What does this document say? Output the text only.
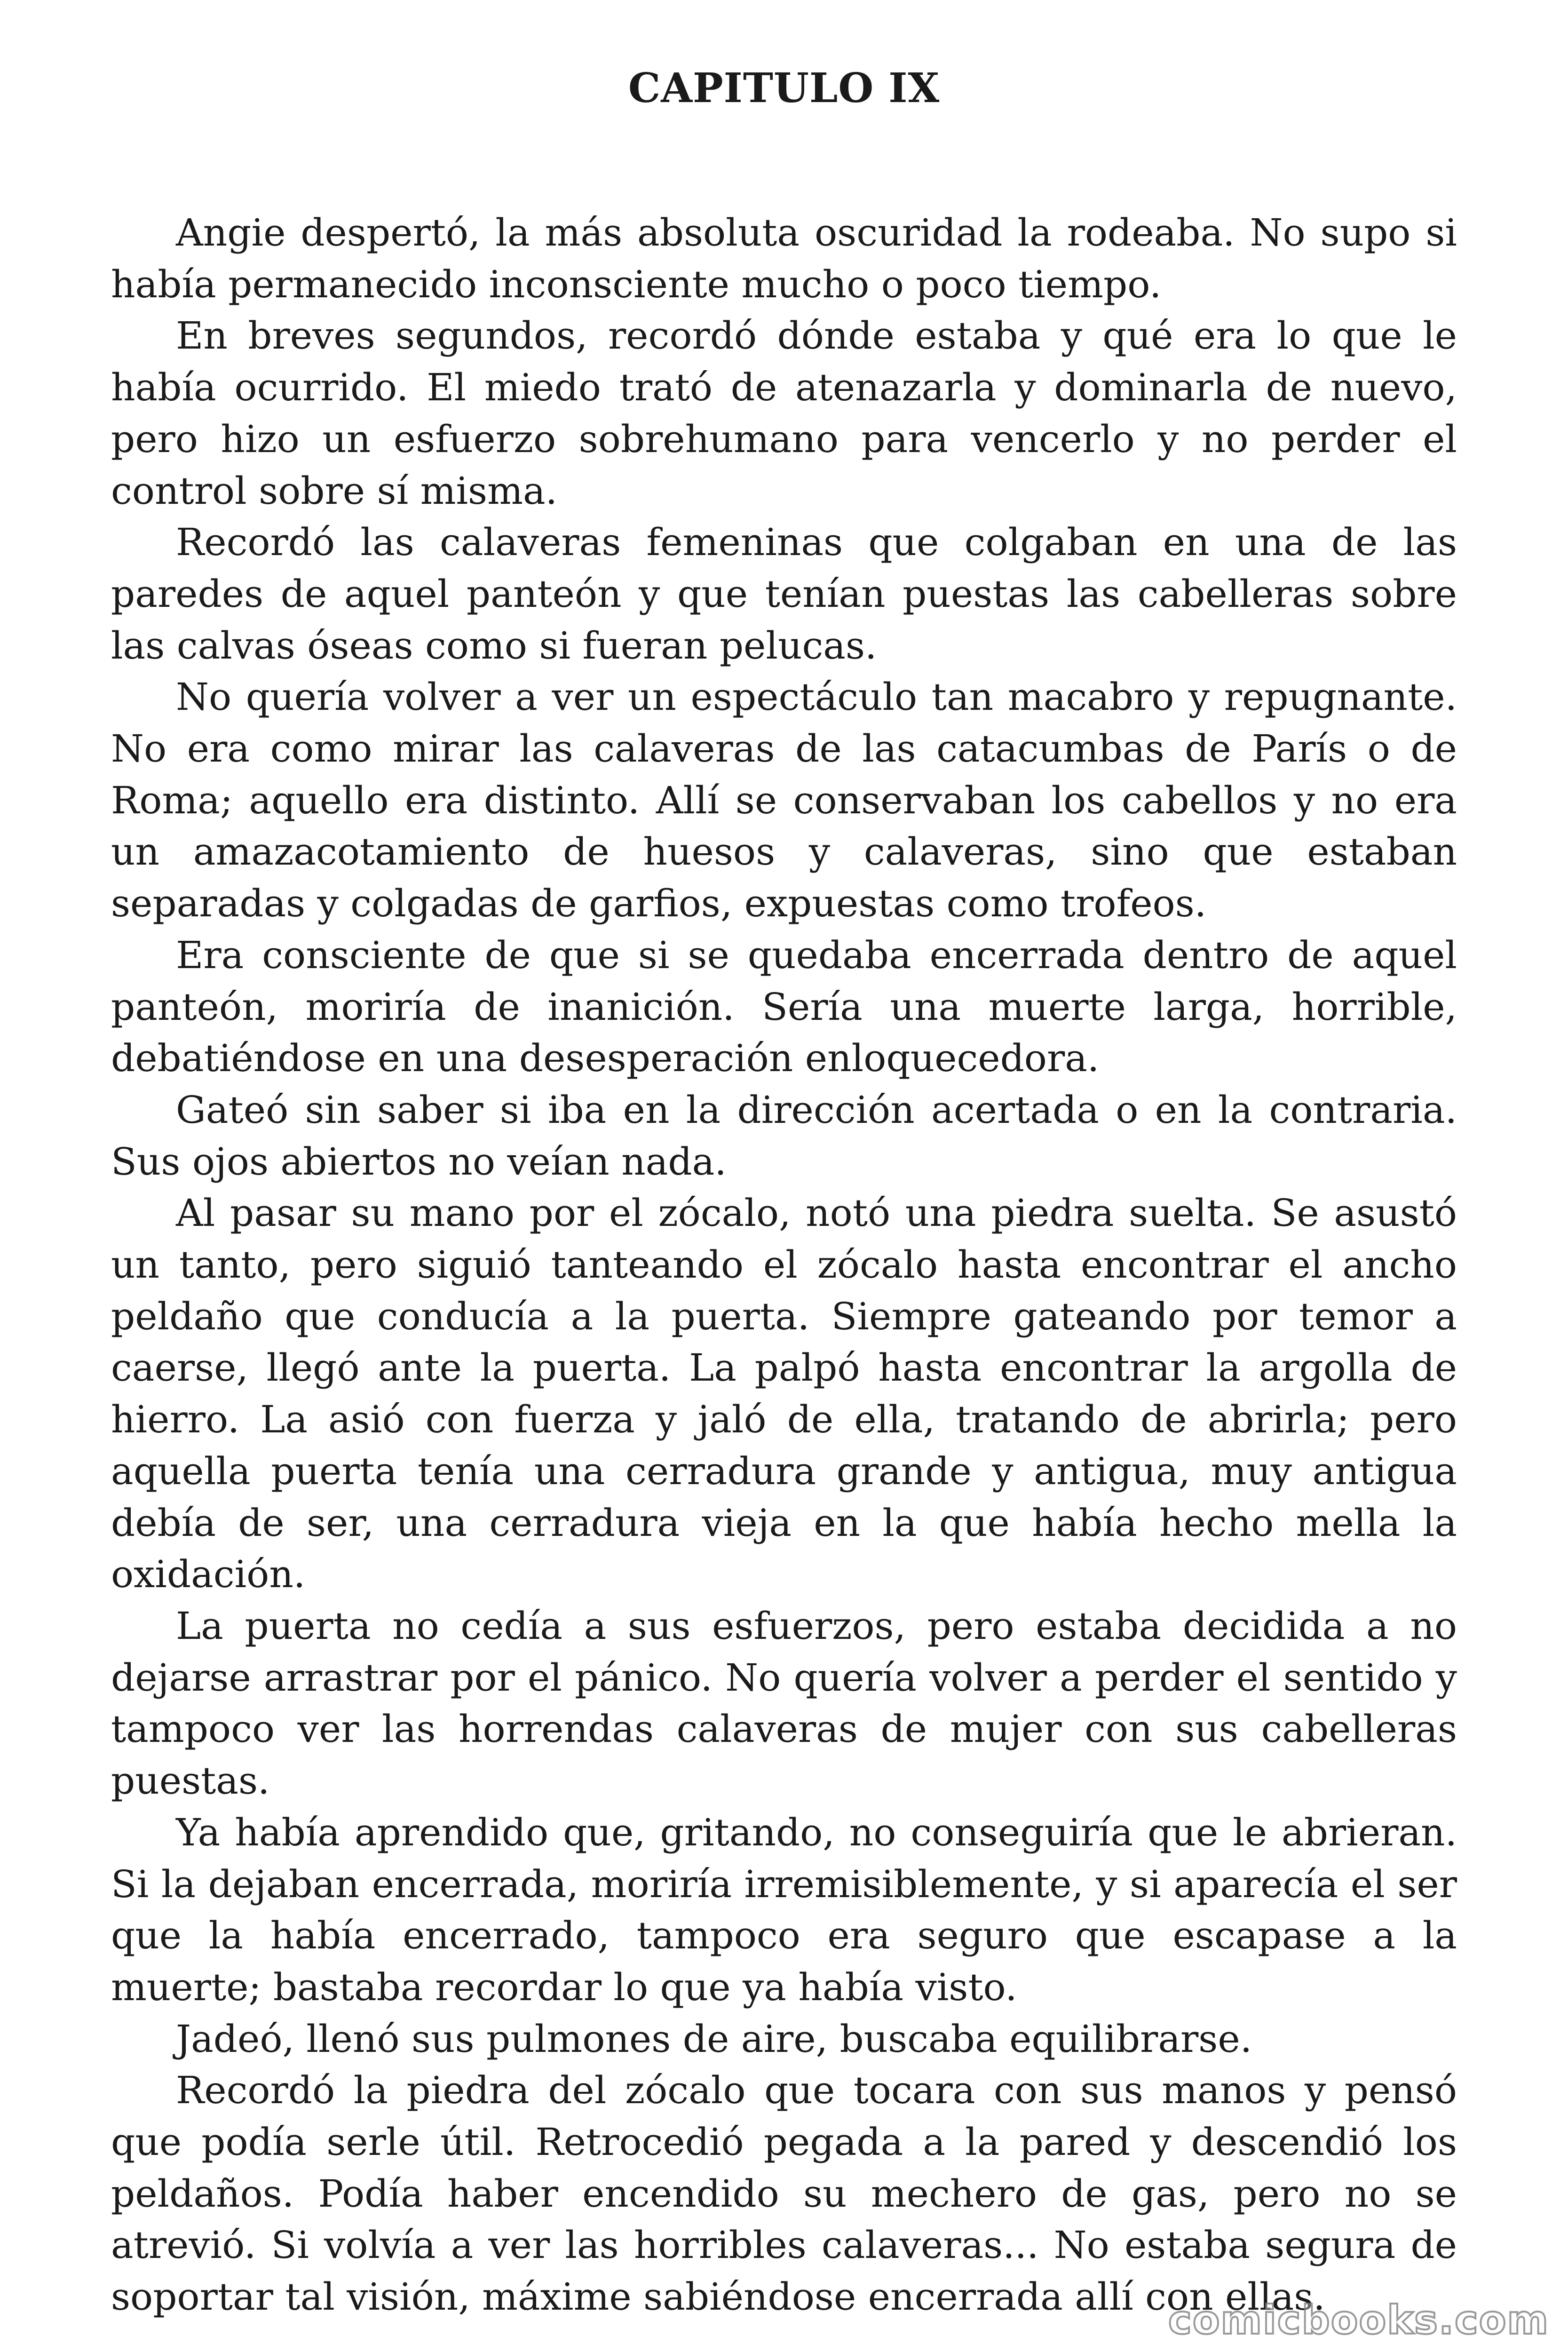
CAPITULO IX

Angie despertó, la más absoluta oscuridad la rodeaba. No supo si había permanecido inconsciente mucho o poco tiempo.

En breves segundos, recordó dónde estaba y qué era lo que le había ocurrido. El miedo trató de atenazarla y dominarla de nuevo, pero hizo un esfuerzo sobrehumano para vencerlo y no perder el control sobre sí misma.

Recordó las calaveras femeninas que colgaban en una de las paredes de aquel panteón y que tenían puestas las cabelleras sobre las calvas óseas como si fueran pelucas.

No quería volver a ver un espectáculo tan macabro y repugnante. No era como mirar las calaveras de las catacumbas de París o de Roma; aquello era distinto. Allí se conservaban los cabellos y no era un amazacotamiento de huesos y calaveras, sino que estaban separadas y colgadas de garfios, expuestas como trofeos.

Era consciente de que si se quedaba encerrada dentro de aquel panteón, moriría de inanición. Sería una muerte larga, horrible, debatiéndose en una desesperación enloquecedora.

Gateó sin saber si iba en la dirección acertada o en la contraria. Sus ojos abiertos no veían nada.

Al pasar su mano por el zócalo, notó una piedra suelta. Se asustó un tanto, pero siguió tanteando el zócalo hasta encontrar el ancho peldaño que conducía a la puerta. Siempre gateando por temor a caerse, llegó ante la puerta. La palpó hasta encontrar la argolla de hierro. La asió con fuerza y jaló de ella, tratando de abrirla; pero aquella puerta tenía una cerradura grande y antigua, muy antigua debía de ser, una cerradura vieja en la que había hecho mella la oxidación.

La puerta no cedía a sus esfuerzos, pero estaba decidida a no dejarse arrastrar por el pánico. No quería volver a perder el sentido y tampoco ver las horrendas calaveras de mujer con sus cabelleras puestas.

Ya había aprendido que, gritando, no conseguiría que le abrieran. Si la dejaban encerrada, moriría irremisiblemente, y si aparecía el ser que la había encerrado, tampoco era seguro que escapase a la muerte; bastaba recordar lo que ya había visto.

Jadeó, llenó sus pulmones de aire, buscaba equilibrarse.

Recordó la piedra del zócalo que tocara con sus manos y pensó que podía serle útil. Retrocedió pegada a la pared y descendió los peldaños. Podía haber encendido su mechero de gas, pero no se atrevió. Si volvía a ver las horribles calaveras... No estaba segura de soportar tal visión, máxime sabiéndose encerrada allí con ellas.

comicbooks.com
